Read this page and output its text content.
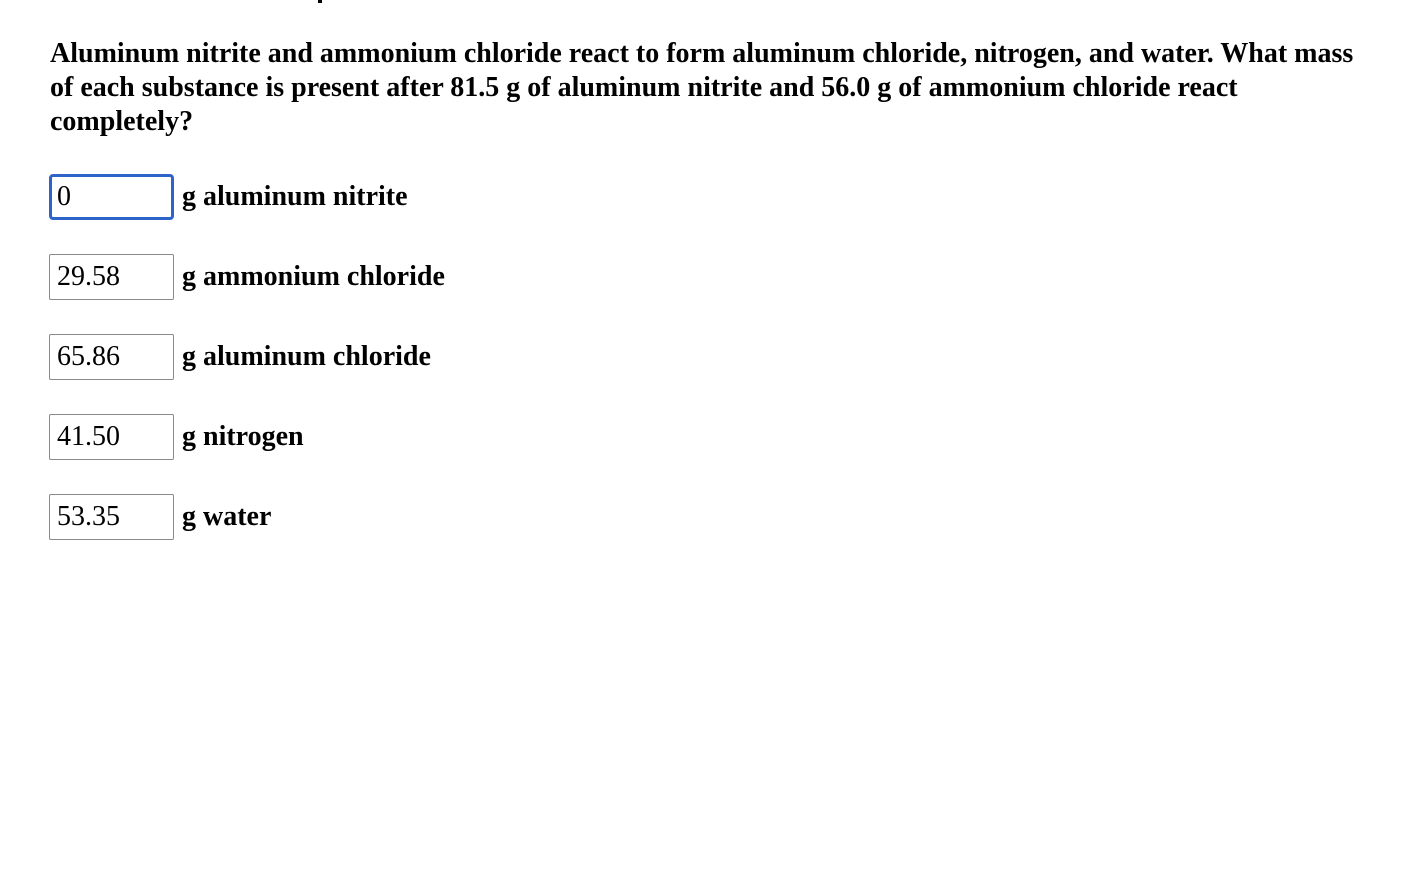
Aluminum nitrite and ammonium chloride react to form aluminum chloride, nitrogen, and water. What mass of each substance is present after 81.5 g of aluminum nitrite and 56.0 g of ammonium chloride react completely?

0
g aluminum nitrite
29.58
g ammonium chloride
65.86
g aluminum chloride
41.50
g nitrogen
53.35
g water
